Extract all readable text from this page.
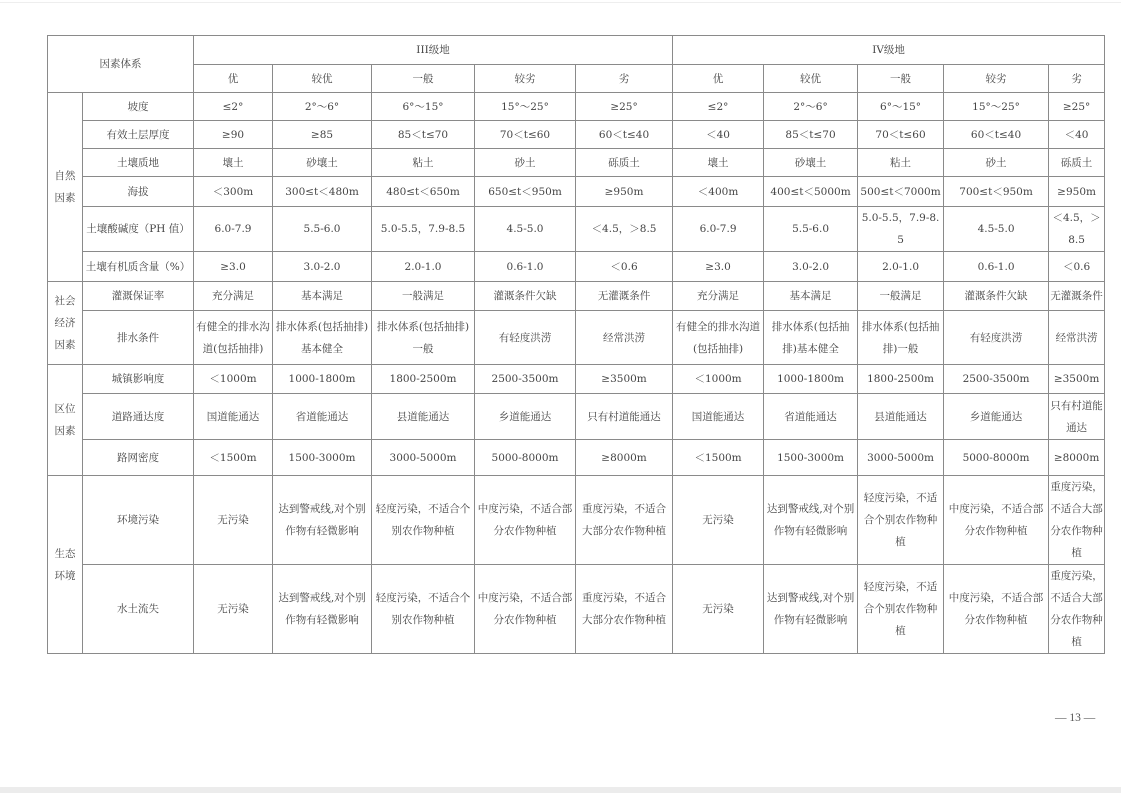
因素体系		III级地					IV级地				
		优	较优	一般	较劣	劣	优	较优	一般	较劣	劣

自然
因素	坡度	≤2°	2°～6°	6°～15°	15°～25°	≥25°	≤2°	2°～6°	6°～15°	15°～25°	≥25°
	有效土层厚度	≥90	≥85	85＜t≤70	70＜t≤60	60＜t≤40	＜40	85＜t≤70	70＜t≤60	60＜t≤40	＜40
	土壤质地	壤土	砂壤土	粘土	砂土	砾质土	壤土	砂壤土	粘土	砂土	砾质土
	海拔	＜300m	300≤t＜480m	480≤t＜650m	650≤t＜950m	≥950m	＜400m	400≤t＜5000m	500≤t＜7000m	700≤t＜950m	≥950m
	土壤酸碱度（PH 值）	6.0-7.9	5.5-6.0	5.0-5.5，7.9-8.5	4.5-5.0	＜4.5，＞8.5	6.0-7.9	5.5-6.0	5.0-5.5，7.9-8.5	4.5-5.0	＜4.5，＞8.5
	土壤有机质含量（%）	≥3.0	3.0-2.0	2.0-1.0	0.6-1.0	＜0.6	≥3.0	3.0-2.0	2.0-1.0	0.6-1.0	＜0.6

社会
经济
因素	灌溉保证率	充分满足	基本满足	一般满足	灌溉条件欠缺	无灌溉条件	充分满足	基本满足	一般满足	灌溉条件欠缺	无灌溉条件
	排水条件	有健全的排水沟道(包括抽排)	排水体系(包括抽排)基本健全	排水体系(包括抽排)一般	有轻度洪涝	经常洪涝	有健全的排水沟道(包括抽排)	排水体系(包括抽排)基本健全	排水体系(包括抽排)一般	有轻度洪涝	经常洪涝

区位
因素	城镇影响度	＜1000m	1000-1800m	1800-2500m	2500-3500m	≥3500m	＜1000m	1000-1800m	1800-2500m	2500-3500m	≥3500m
	道路通达度	国道能通达	省道能通达	县道能通达	乡道能通达	只有村道能通达	国道能通达	省道能通达	县道能通达	乡道能通达	只有村道能通达
	路网密度	＜1500m	1500-3000m	3000-5000m	5000-8000m	≥8000m	＜1500m	1500-3000m	3000-5000m	5000-8000m	≥8000m

生态
环境	环境污染	无污染	达到警戒线,对个别作物有轻微影响	轻度污染，不适合个别农作物种植	中度污染，不适合部分农作物种植	重度污染，不适合大部分农作物种植	无污染	达到警戒线,对个别作物有轻微影响	轻度污染，不适合个别农作物种植	中度污染，不适合部分农作物种植	重度污染，不适合大部分农作物种植
	水土流失	无污染	达到警戒线,对个别作物有轻微影响	轻度污染，不适合个别农作物种植	中度污染，不适合部分农作物种植	重度污染，不适合大部分农作物种植	无污染	达到警戒线,对个别作物有轻微影响	轻度污染，不适合个别农作物种植	中度污染，不适合部分农作物种植	重度污染，不适合大部分农作物种植
— 13 —
